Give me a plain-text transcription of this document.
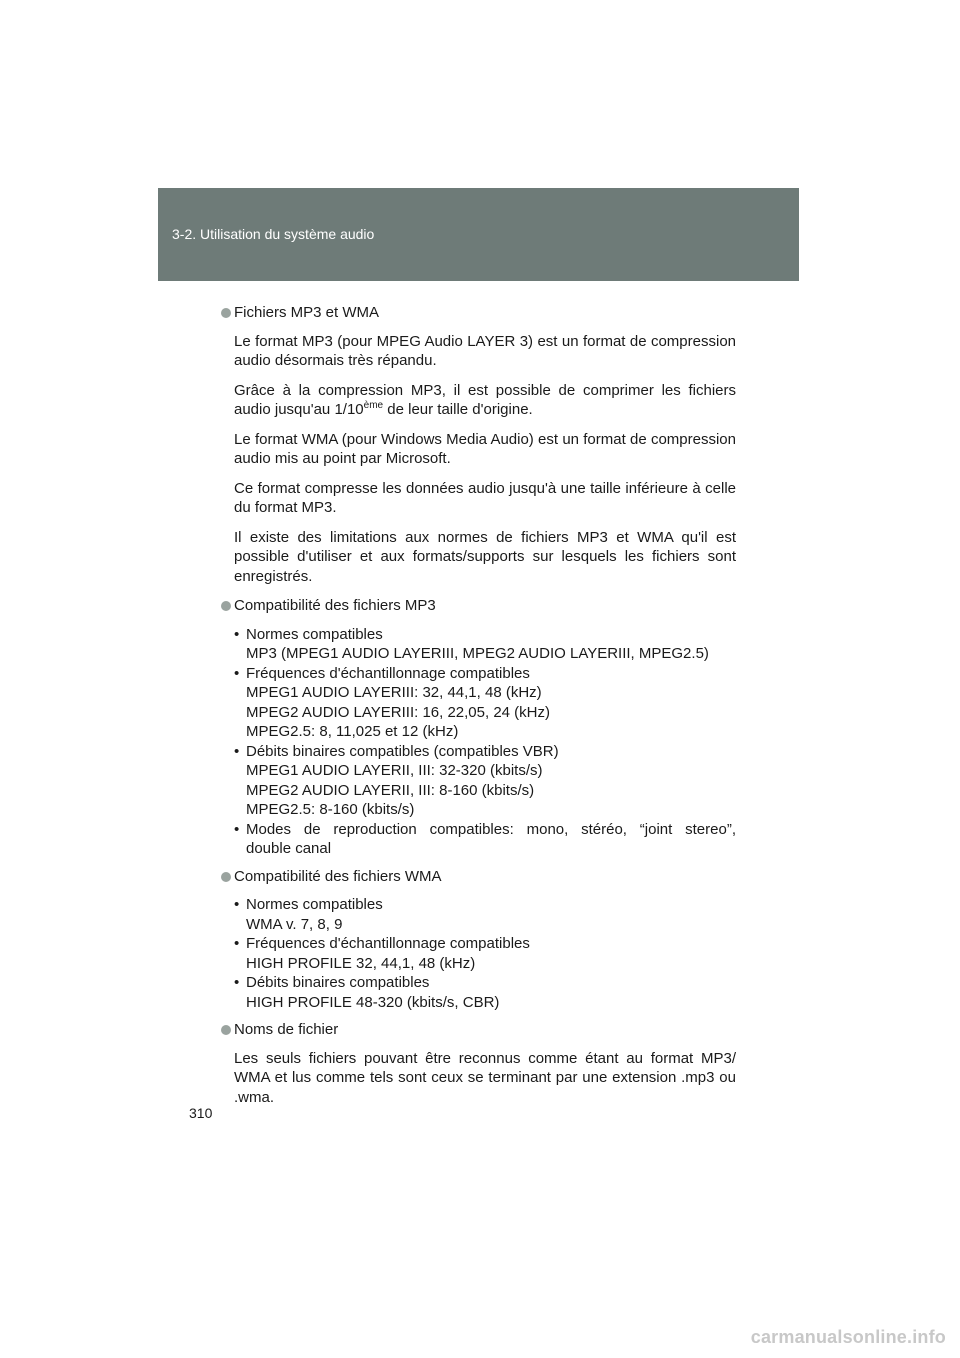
3-2. Utilisation du système audio
Fichiers MP3 et WMA

Le format MP3 (pour MPEG Audio LAYER 3) est un format de compression audio désormais très répandu.

Grâce à la compression MP3, il est possible de comprimer les fichiers audio jusqu'au 1/10ème de leur taille d'origine.

Le format WMA (pour Windows Media Audio) est un format de compression audio mis au point par Microsoft.

Ce format compresse les données audio jusqu'à une taille inférieure à celle du format MP3.

Il existe des limitations aux normes de fichiers MP3 et WMA qu'il est possible d'utiliser et aux formats/supports sur lesquels les fichiers sont enregistrés.

Compatibilité des fichiers MP3
• Normes compatibles
MP3 (MPEG1 AUDIO LAYERIII, MPEG2 AUDIO LAYERIII, MPEG2.5)
• Fréquences d'échantillonnage compatibles
MPEG1 AUDIO LAYERIII: 32, 44,1, 48 (kHz)
MPEG2 AUDIO LAYERIII: 16, 22,05, 24 (kHz)
MPEG2.5: 8, 11,025 et 12 (kHz)
• Débits binaires compatibles (compatibles VBR)
MPEG1 AUDIO LAYERII, III: 32-320 (kbits/s)
MPEG2 AUDIO LAYERII, III: 8-160 (kbits/s)
MPEG2.5: 8-160 (kbits/s)
• Modes de reproduction compatibles: mono, stéréo, “joint stereo”,
double canal
Compatibilité des fichiers WMA
• Normes compatibles
WMA v. 7, 8, 9
• Fréquences d'échantillonnage compatibles
HIGH PROFILE 32, 44,1, 48 (kHz)
• Débits binaires compatibles
HIGH PROFILE 48-320 (kbits/s, CBR)
Noms de fichier

Les seuls fichiers pouvant être reconnus comme étant au format MP3/ WMA et lus comme tels sont ceux se terminant par une extension .mp3 ou .wma.

310
carmanualsonline.info
